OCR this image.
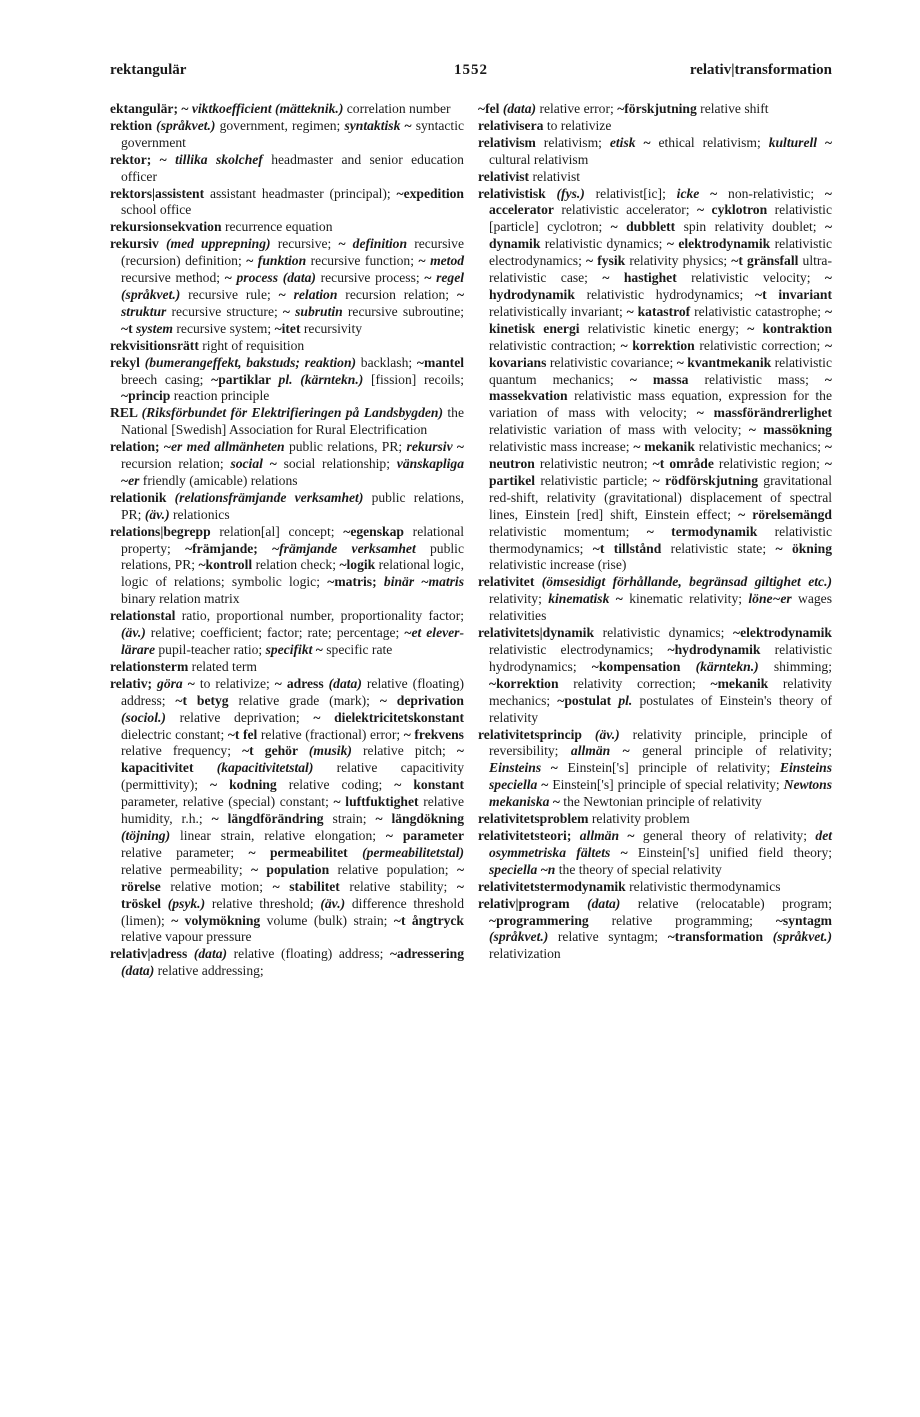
rektangulär	1552	relativ|transformation

ektangulär; ~ viktkoefficient (mätteknik.) correlation number

rektion (språkvet.) government, regimen; syntaktisk ~ syntactic government

rektor; ~ tillika skolchef headmaster and senior education officer

rektors|assistent assistant headmaster (principal); ~expedition school office

rekursionsekvation recurrence equation

rekursiv (med upprepning) recursive; ~ definition recursive (recursion) definition; ~ funktion recursive function; ~ metod recursive method; ~ process (data) recursive process; ~ regel (språkvet.) recursive rule; ~ relation recursion relation; ~ struktur recursive structure; ~ subrutin recursive subroutine; ~t system recursive system; ~itet recursivity

rekvisitionsrätt right of requisition

rekyl (bumerangeffekt, bakstuds; reaktion) backlash; ~mantel breech casing; ~partiklar pl. (kärntekn.) [fission] recoils; ~princip reaction principle

REL (Riksförbundet för Elektrifieringen på Landsbygden) the National [Swedish] Association for Rural Electrification

relation; ~er med allmänheten public relations, PR; rekursiv ~ recursion relation; social ~ social relationship; vänskapliga ~er friendly (amicable) relations

relationik (relationsfrämjande verksamhet) public relations, PR; (äv.) relationics

relations|begrepp relation[al] concept; ~egenskap relational property; ~främjande; ~främjande verksamhet public relations, PR; ~kontroll relation check; ~logik relational logic, logic of relations; symbolic logic; ~matris; binär ~matris binary relation matrix

relationstal ratio, proportional number, proportionality factor; (äv.) relative; coefficient; factor; rate; percentage; ~et elever-lärare pupil-teacher ratio; specifikt ~ specific rate

relationsterm related term

relativ; göra ~ to relativize; ~ adress (data) relative (floating) address; ~t betyg relative grade (mark); ~ deprivation (sociol.) relative deprivation; ~ dielektricitetskonstant dielectric constant; ~t fel relative (fractional) error; ~ frekvens relative frequency; ~t gehör (musik) relative pitch; ~ kapacitivitet (kapacitivitetstal) relative capacitivity (permittivity); ~ kodning relative coding; ~ konstant parameter, relative (special) constant; ~ luftfuktighet relative humidity, r.h.; ~ längdförändring strain; ~ längdökning (töjning) linear strain, relative elongation; ~ parameter relative parameter; ~ permeabilitet (permeabilitetstal) relative permeability; ~ population relative population; ~ rörelse relative motion; ~ stabilitet relative stability; ~ tröskel (psyk.) relative threshold; (äv.) difference threshold (limen); ~ volymökning volume (bulk) strain; ~t ångtryck relative vapour pressure

relativ|adress (data) relative (floating) address; ~adressering (data) relative addressing;

~fel (data) relative error; ~förskjutning relative shift

relativisera to relativize

relativism relativism; etisk ~ ethical relativism; kulturell ~ cultural relativism

relativist relativist

relativistisk (fys.) relativist[ic]; icke ~ non-relativistic; ~ accelerator relativistic accelerator; ~ cyklotron relativistic [particle] cyclotron; ~ dubblett spin relativity doublet; ~ dynamik relativistic dynamics; ~ elektrodynamik relativistic electrodynamics; ~ fysik relativity physics; ~t gränsfall ultra-relativistic case; ~ hastighet relativistic velocity; ~ hydrodynamik relativistic hydrodynamics; ~t invariant relativistically invariant; ~ katastrof relativistic catastrophe; ~ kinetisk energi relativistic kinetic energy; ~ kontraktion relativistic contraction; ~ korrektion relativistic correction; ~ kovarians relativistic covariance; ~ kvantmekanik relativistic quantum mechanics; ~ massa relativistic mass; ~ massekvation relativistic mass equation, expression for the variation of mass with velocity; ~ massförändrerlighet relativistic variation of mass with velocity; ~ massökning relativistic mass increase; ~ mekanik relativistic mechanics; ~ neutron relativistic neutron; ~t område relativistic region; ~ partikel relativistic particle; ~ rödförskjutning gravitational red-shift, relativity (gravitational) displacement of spectral lines, Einstein [red] shift, Einstein effect; ~ rörelsemängd relativistic momentum; ~ termodynamik relativistic thermodynamics; ~t tillstånd relativistic state; ~ ökning relativistic increase (rise)

relativitet (ömsesidigt förhållande, begränsad giltighet etc.) relativity; kinematisk ~ kinematic relativity; löne~er wages relativities

relativitets|dynamik relativistic dynamics; ~elektrodynamik relativistic electrodynamics; ~hydrodynamik relativistic hydrodynamics; ~kompensation (kärntekn.) shimming; ~korrektion relativity correction; ~mekanik relativity mechanics; ~postulat pl. postulates of Einstein's theory of relativity

relativitetsprincip (äv.) relativity principle, principle of reversibility; allmän ~ general principle of relativity; Einsteins ~ Einstein['s] principle of relativity; Einsteins speciella ~ Einstein['s] principle of special relativity; Newtons mekaniska ~ the Newtonian principle of relativity

relativitetsproblem relativity problem

relativitetsteori; allmän ~ general theory of relativity; det osymmetriska fältets ~ Einstein['s] unified field theory; speciella ~n the theory of special relativity

relativitetstermodynamik relativistic thermodynamics

relativ|program (data) relative (relocatable) program; ~programmering relative programming; ~syntagm (språkvet.) relative syntagm; ~transformation (språkvet.) relativization
